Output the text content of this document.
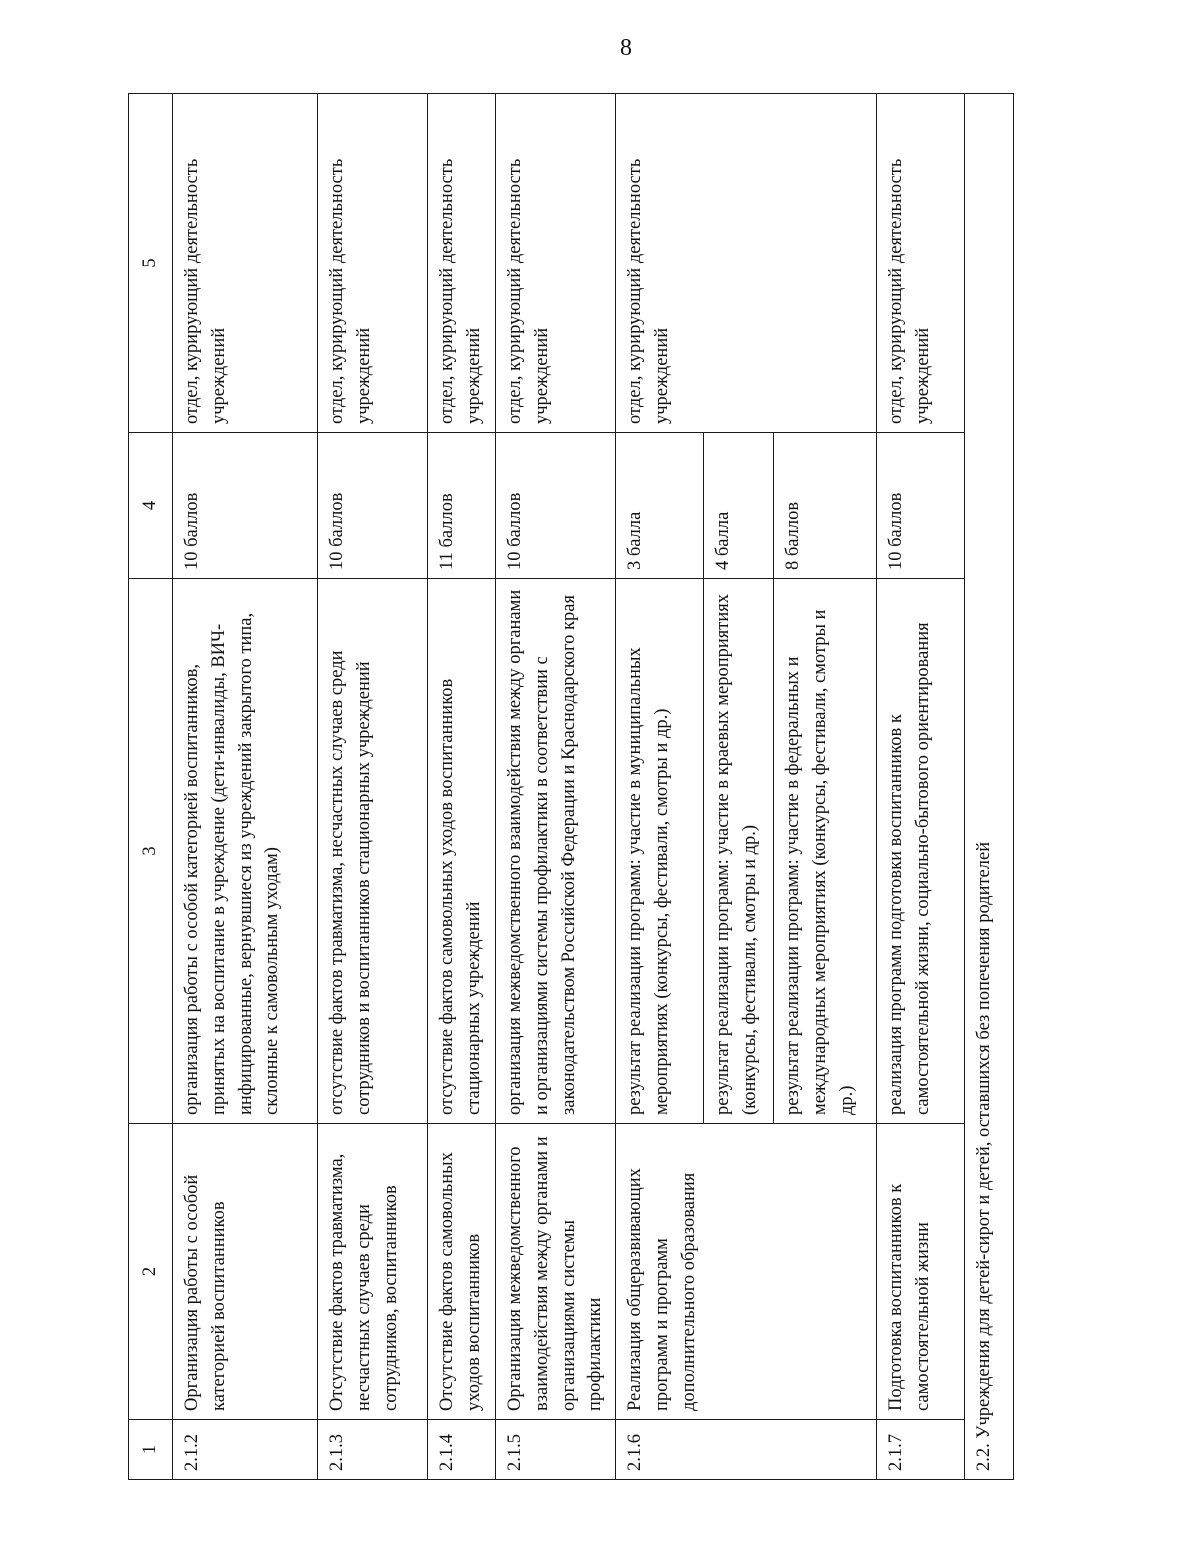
8
1	2	3	4	5
2.1.2	Организация работы с особой категорией воспитанников	организация работы с особой категорией воспитанников, принятых на воспитание в учреждение (дети-инвалиды, ВИЧ-инфицированные, вернувшиеся из учреждений закрытого типа, склонные к самовольным уходам)	10 баллов	отдел, курирующий деятельность учреждений
2.1.3	Отсутствие фактов травматизма, несчастных случаев среди сотрудников, воспитанников	отсутствие фактов травматизма, несчастных случаев среди сотрудников и воспитанников стационарных учреждений	10 баллов	отдел, курирующий деятельность учреждений
2.1.4	Отсутствие фактов самовольных уходов воспитанников	отсутствие фактов самовольных уходов воспитанников стационарных учреждений	11 баллов	отдел, курирующий деятельность учреждений
2.1.5	Организация межведомственного взаимодействия между органами и организациями системы профилактики	организация межведомственного взаимодействия между органами и организациями системы профилактики в соответствии с законодательством Российской Федерации и Краснодарского края	10 баллов	отдел, курирующий деятельность учреждений
2.1.6	Реализация общеразвивающих программ и программ дополнительного образования	результат реализации программ: участие в муниципальных мероприятиях (конкурсы, фестивали, смотры и др.)	3 балла	отдел, курирующий деятельность учреждений
		результат реализации программ: участие в краевых мероприятиях (конкурсы, фестивали, смотры и др.)	4 балла	
		результат реализации программ: участие в федеральных и международных мероприятиях (конкурсы, фестивали, смотры и др.)	8 баллов	
2.1.7	Подготовка воспитанников к самостоятельной жизни	реализация программ подготовки воспитанников к самостоятельной жизни, социально-бытового ориентирования	10 баллов	отдел, курирующий деятельность учреждений
2.2. Учреждения для детей-сирот и детей, оставшихся без попечения родителей				
